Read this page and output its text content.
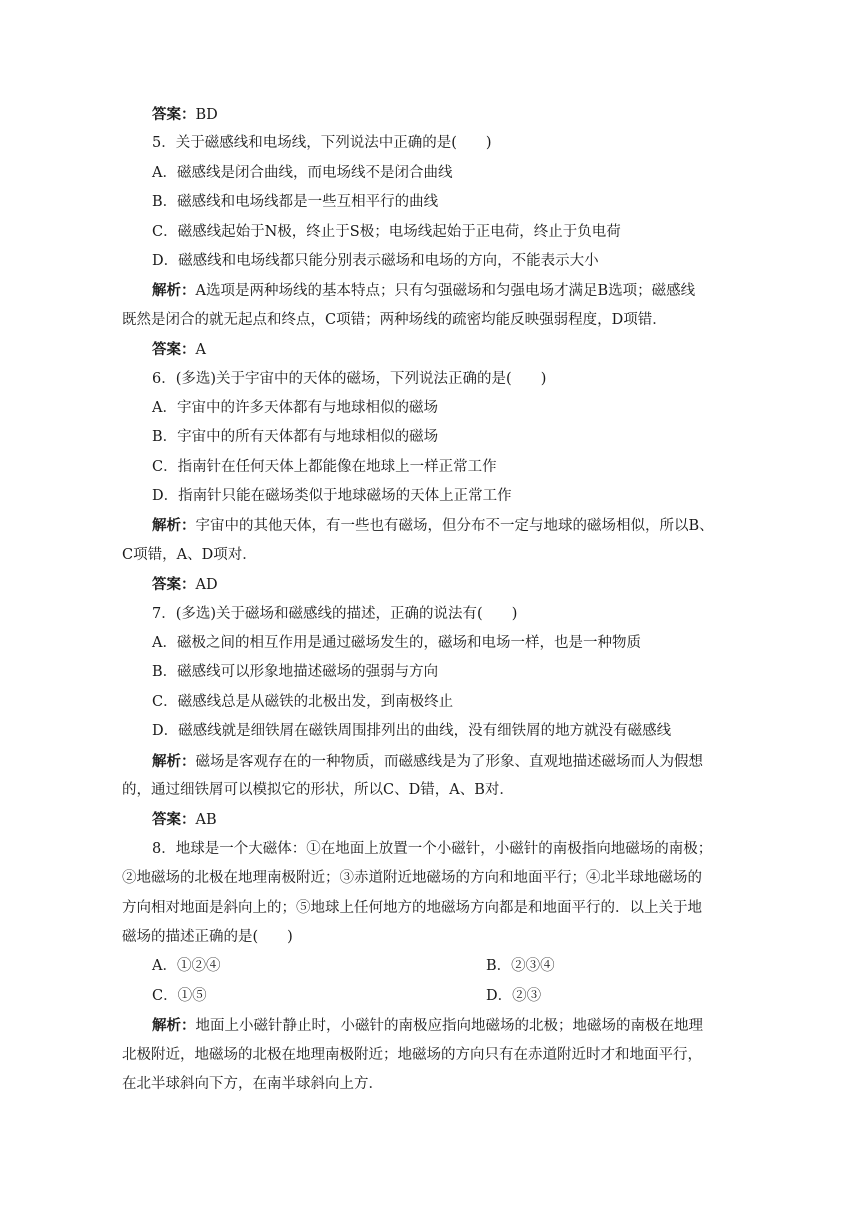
答案：BD
5．关于磁感线和电场线，下列说法中正确的是(　　)
A．磁感线是闭合曲线，而电场线不是闭合曲线
B．磁感线和电场线都是一些互相平行的曲线
C．磁感线起始于N极，终止于S极；电场线起始于正电荷，终止于负电荷
D．磁感线和电场线都只能分别表示磁场和电场的方向，不能表示大小
解析：A选项是两种场线的基本特点；只有匀强磁场和匀强电场才满足B选项；磁感线
既然是闭合的就无起点和终点，C项错；两种场线的疏密均能反映强弱程度，D项错．
答案：A
6．(多选)关于宇宙中的天体的磁场，下列说法正确的是(　　)
A．宇宙中的许多天体都有与地球相似的磁场
B．宇宙中的所有天体都有与地球相似的磁场
C．指南针在任何天体上都能像在地球上一样正常工作
D．指南针只能在磁场类似于地球磁场的天体上正常工作
解析：宇宙中的其他天体，有一些也有磁场，但分布不一定与地球的磁场相似，所以B、
C项错，A、D项对．
答案：AD
7．(多选)关于磁场和磁感线的描述，正确的说法有(　　)
A．磁极之间的相互作用是通过磁场发生的，磁场和电场一样，也是一种物质
B．磁感线可以形象地描述磁场的强弱与方向
C．磁感线总是从磁铁的北极出发，到南极终止
D．磁感线就是细铁屑在磁铁周围排列出的曲线，没有细铁屑的地方就没有磁感线
解析：磁场是客观存在的一种物质，而磁感线是为了形象、直观地描述磁场而人为假想
的，通过细铁屑可以模拟它的形状，所以C、D错，A、B对．
答案：AB
8．地球是一个大磁体：①在地面上放置一个小磁针，小磁针的南极指向地磁场的南极；
②地磁场的北极在地理南极附近；③赤道附近地磁场的方向和地面平行；④北半球地磁场的
方向相对地面是斜向上的；⑤地球上任何地方的地磁场方向都是和地面平行的．以上关于地
磁场的描述正确的是(　　)
A．①②④	B．②③④
C．①⑤	D．②③
解析：地面上小磁针静止时，小磁针的南极应指向地磁场的北极；地磁场的南极在地理
北极附近，地磁场的北极在地理南极附近；地磁场的方向只有在赤道附近时才和地面平行，
在北半球斜向下方，在南半球斜向上方．
